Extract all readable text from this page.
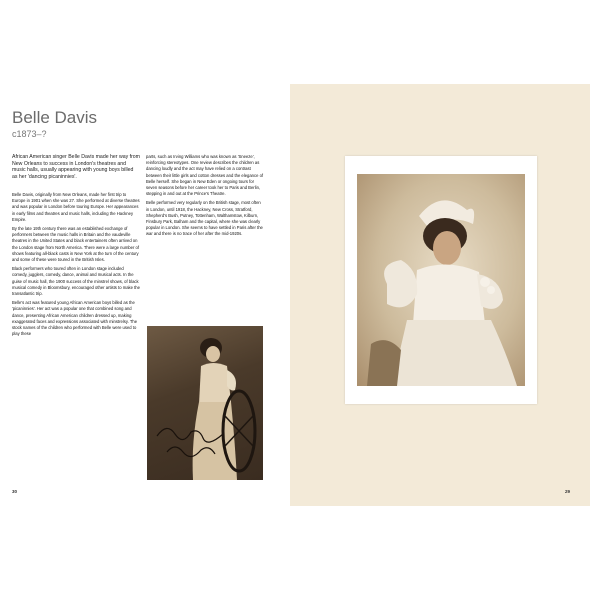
Belle Davis
c1873–?
African American singer Belle Davis made her way from New Orleans to success in London's theatres and music halls, usually appearing with young boys billed as her 'dancing picaninnies'.

Belle Davis, originally from New Orleans, made her first trip to Europe in 1901 when she was 27. She performed at diverse theatres and was popular in London before touring Europe. Her appearances in early films and theatres and music halls, including the Hackney Empire.

By the late 19th century there was an established exchange of performers between the music halls in Britain and the vaudeville theatres in the United States and black entertainers often arrived on the London stage from North America. There were a large number of shows featuring all-black casts in New York at the turn of the century and some of these were toured in the British Isles.

Black performers who toured often in London stage included comedy, jugglers, comedy, dance, animal and musical acts. In the guise of music hall, the 1900 success of the minstrel shows, of black musical comedy in Bloomsbury, encouraged other artists to make the transatlantic trip.

Belle's act was featured young African American boys billed as the 'picaninnies'. Her act was a popular one that combined song and dance, presenting African American children dressed up, making exaggerated faces and expressions associated with minstrelsy. The stock names of the children who performed with Belle were used to play these

parts, such as Irving Williams who was known as 'Sneeze', reinforcing stereotypes. One review describes the children as dancing loudly and the act may have relied on a contrast between their little girls and cotton dresses and the elegance of Belle herself. She began in New Eden or ongoing tours for seven seasons before her career took her to Paris and Berlin, stepping in and out at the Prince's Theatre.

Belle performed very regularly on the British stage, most often in London, until 1918, the Hackney, New Cross, Stratford, Shepherd's Bush, Putney, Tottenham, Walthamstow, Kilburn, Finsbury Park, Balham and the capital, where she was clearly popular in London. She seems to have settled in Paris after the war and there is no trace of her after the mid-1920s.

30	29
